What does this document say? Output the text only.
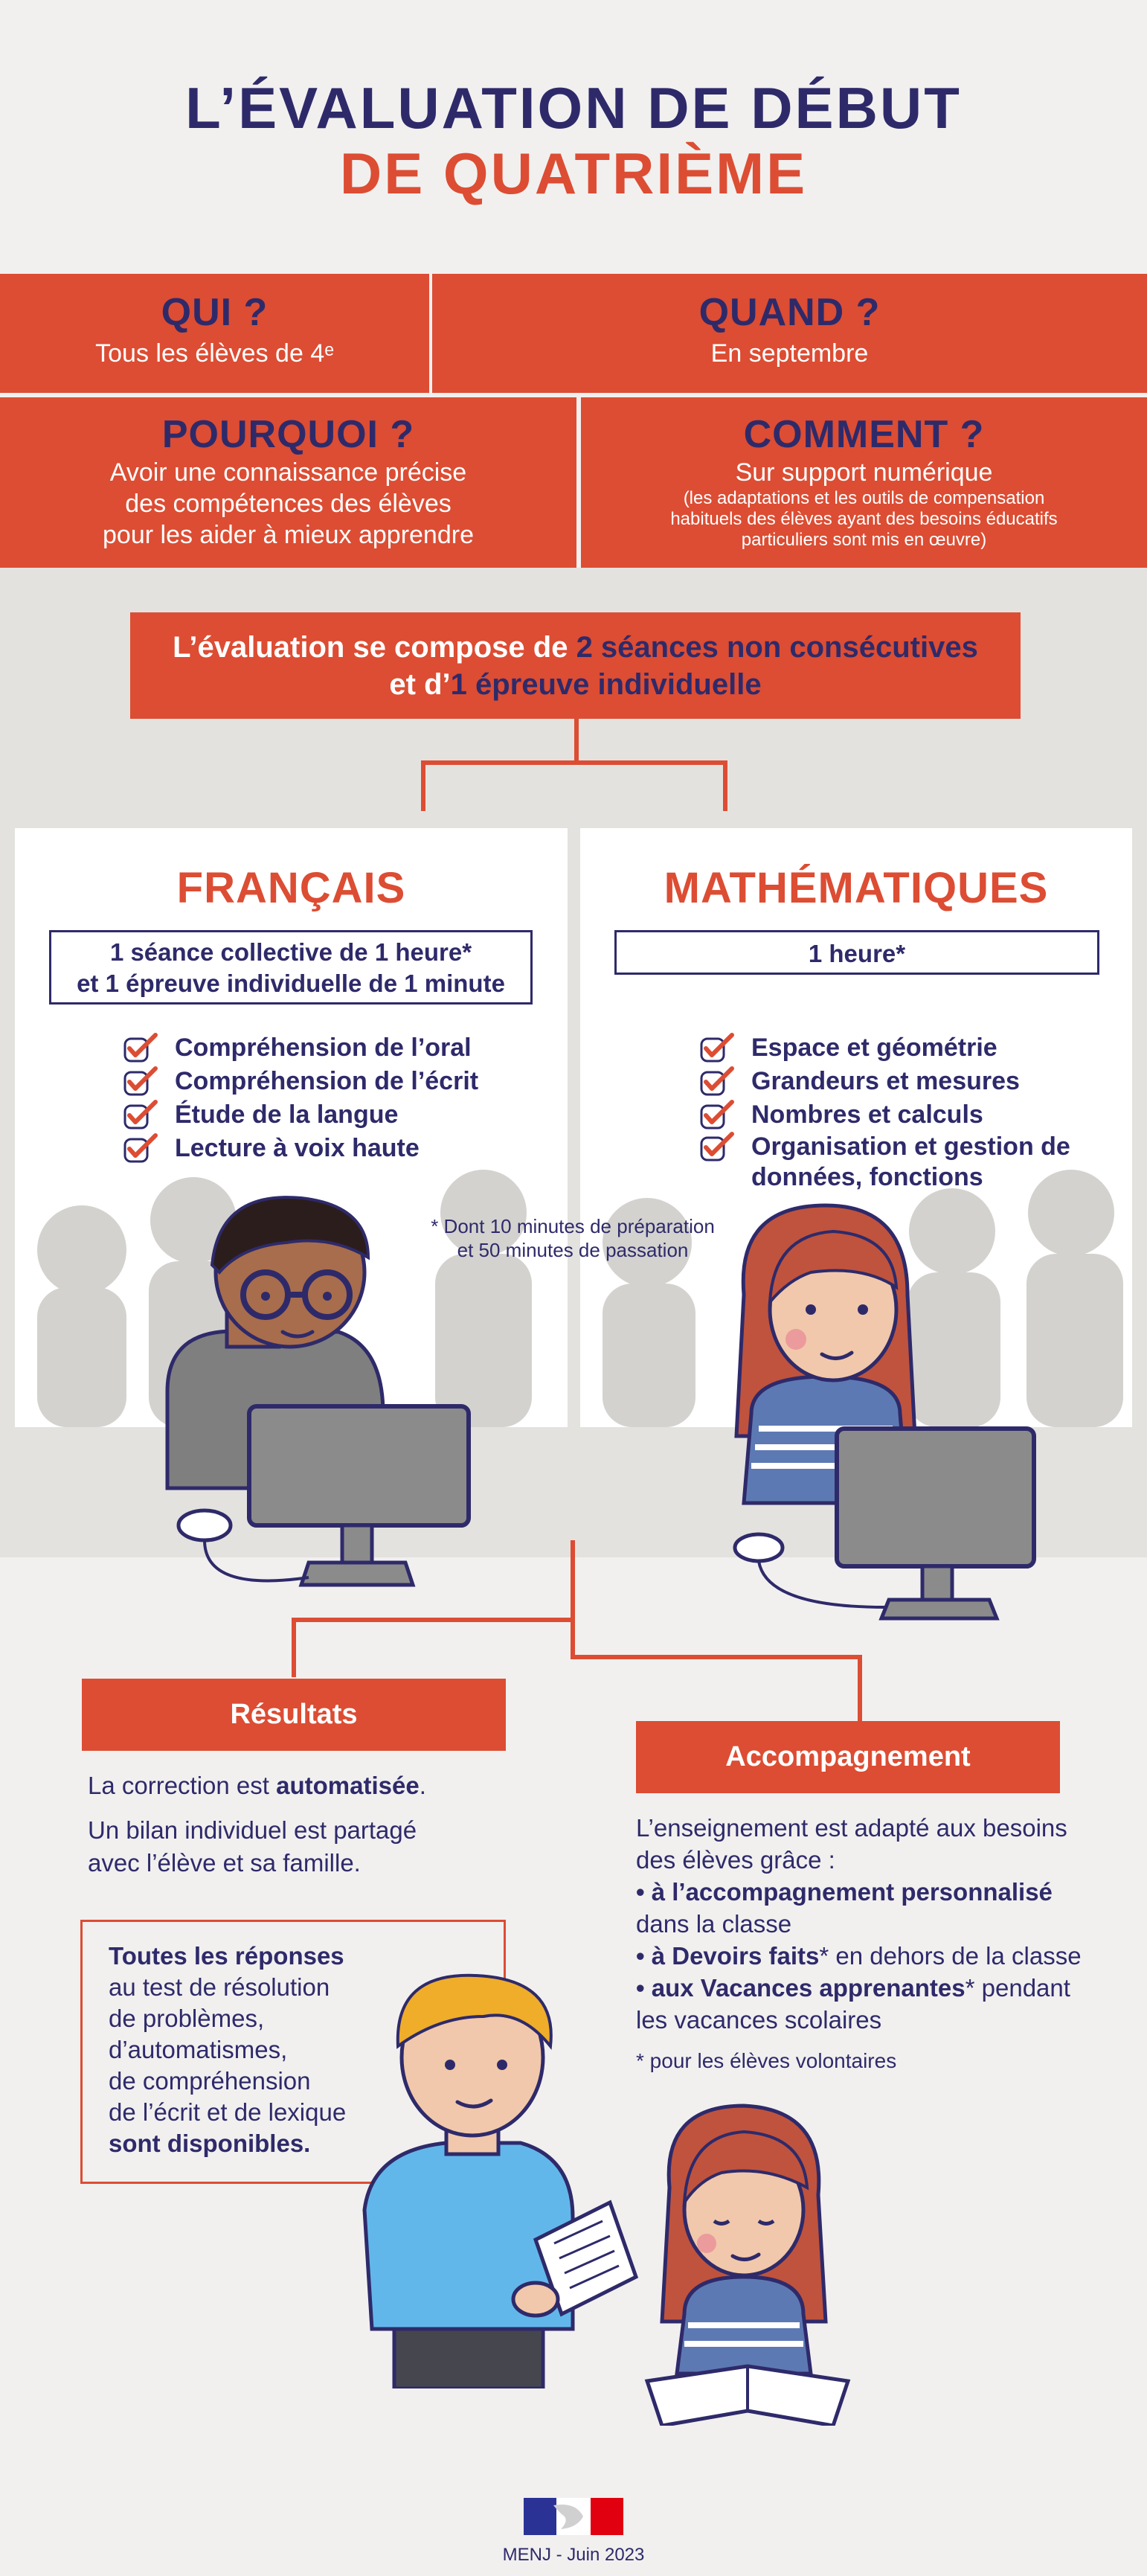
L’ÉVALUATION DE DÉBUT
DE QUATRIÈME
QUI ?
Tous les élèves de 4ᵉ
QUAND ?
En septembre
POURQUOI ?
Avoir une connaissance précise
des compétences des élèves
pour les aider à mieux apprendre
COMMENT ?
Sur support numérique
(les adaptations et les outils de compensation
habituels des élèves ayant des besoins éducatifs
particuliers sont mis en œuvre)
L’évaluation se compose de 2 séances non consécutives
et d’1 épreuve individuelle
FRANÇAIS
1 séance collective de 1 heure*
et 1 épreuve individuelle de 1 minute
Compréhension de l’oral
Compréhension de l’écrit
Étude de la langue
Lecture à voix haute
MATHÉMATIQUES
1 heure*
Espace et géométrie
Grandeurs et mesures
Nombres et calculs
Organisation et gestion de
données, fonctions
* Dont 10 minutes de préparation
et 50 minutes de passation
Résultats
La correction est automatisée.
Un bilan individuel est partagé
avec l’élève et sa famille.
Toutes les réponses
au test de résolution
de problèmes,
d’automatismes,
de compréhension
de l’écrit et de lexique
sont disponibles.
Accompagnement
L’enseignement est adapté aux besoins
des élèves grâce :
• à l’accompagnement personnalisé
dans la classe
• à Devoirs faits* en dehors de la classe
• aux Vacances apprenantes* pendant
les vacances scolaires
* pour les élèves volontaires
MENJ - Juin 2023
